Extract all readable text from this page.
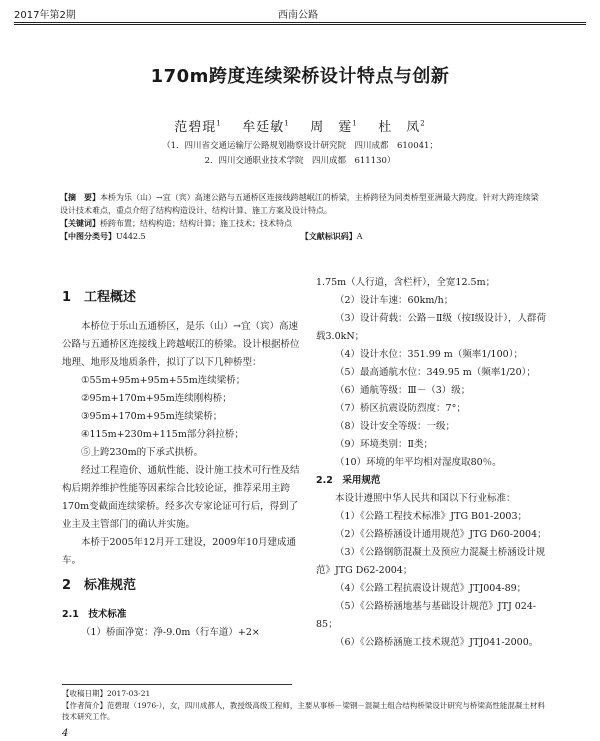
2017年第2期	西南公路
170m跨度连续梁桥设计特点与创新
范碧琨$^1$ 牟廷敏$^1$ 周　霆$^1$ 杜　凤$^2$
（1．四川省交通运输厅公路规划勘察设计研究院　四川成都　610041；
2．四川交通职业技术学院　四川成都　611130）
【摘　要】本桥为乐（山）→宜（宾）高速公路与五通桥区连接线跨越岷江的桥梁，主桥跨径为同类桥型亚洲最大跨度。针对大跨连续梁设计技术难点，重点介绍了结构构造设计、结构计算、施工方案及设计特点。
【关键词】桥跨布置；结构构造；结构计算；施工技术；技术特点
【中图分类号】U442.5	【文献标识码】A

1　工程概述

本桥位于乐山五通桥区，是乐（山）→宜（宾）高速公路与五通桥区连接线上跨越岷江的桥梁。设计根据桥位地理、地形及地质条件，拟订了以下几种桥型：

①55m+95m+95m+55m连续梁桥；

②95m+170m+95m连续刚构桥；

③95m+170m+95m连续梁桥；

④115m+230m+115m部分斜拉桥；

⑤上跨230m的下承式拱桥。

经过工程造价、通航性能、设计施工技术可行性及结构后期养维护性能等因素综合比较论证，推荐采用主跨170m变截面连续梁桥。经多次专家论证可行后，得到了业主及主管部门的确认并实施。

本桥于2005年12月开工建设，2009年10月建成通车。

2　标准规范

2.1　技术标准

（1）桥面净宽：净-9.0m（行车道）+2×

1.75m（人行道，含栏杆），全宽12.5m；

（2）设计车速：60km/h；

（3）设计荷载：公路－Ⅱ级（按Ⅰ级设计），人群荷载3.0kN；

（4）设计水位：351.99 m（频率1/100）；

（5）最高通航水位：349.95 m（频率1/20）；

（6）通航等级：Ⅲ－（3）级；

（7）桥区抗震设防烈度：7°；

（8）设计安全等级：一级；

（9）环境类别：Ⅱ类；

（10）环境的年平均相对湿度取80％。

2.2　采用规范

本设计遵照中华人民共和国以下行业标准：

（1）《公路工程技术标准》JTG B01-2003；

（2）《公路桥涵设计通用规范》JTG D60-2004；

（3）《公路钢筋混凝土及预应力混凝土桥涵设计规范》JTG D62-2004；

（4）《公路工程抗震设计规范》JTJ004-89；

（5）《公路桥涵地基与基础设计规范》JTJ 024-85；

（6）《公路桥涵施工技术规范》JTJ041-2000。

【收稿日期】2017-03-21
【作者简介】范碧琨（1976-），女，四川成都人，教授级高级工程师，主要从事桥－梁钢－混凝土组合结构桥梁设计研究与桥梁高性能混凝土材料技术研究工作。
4
